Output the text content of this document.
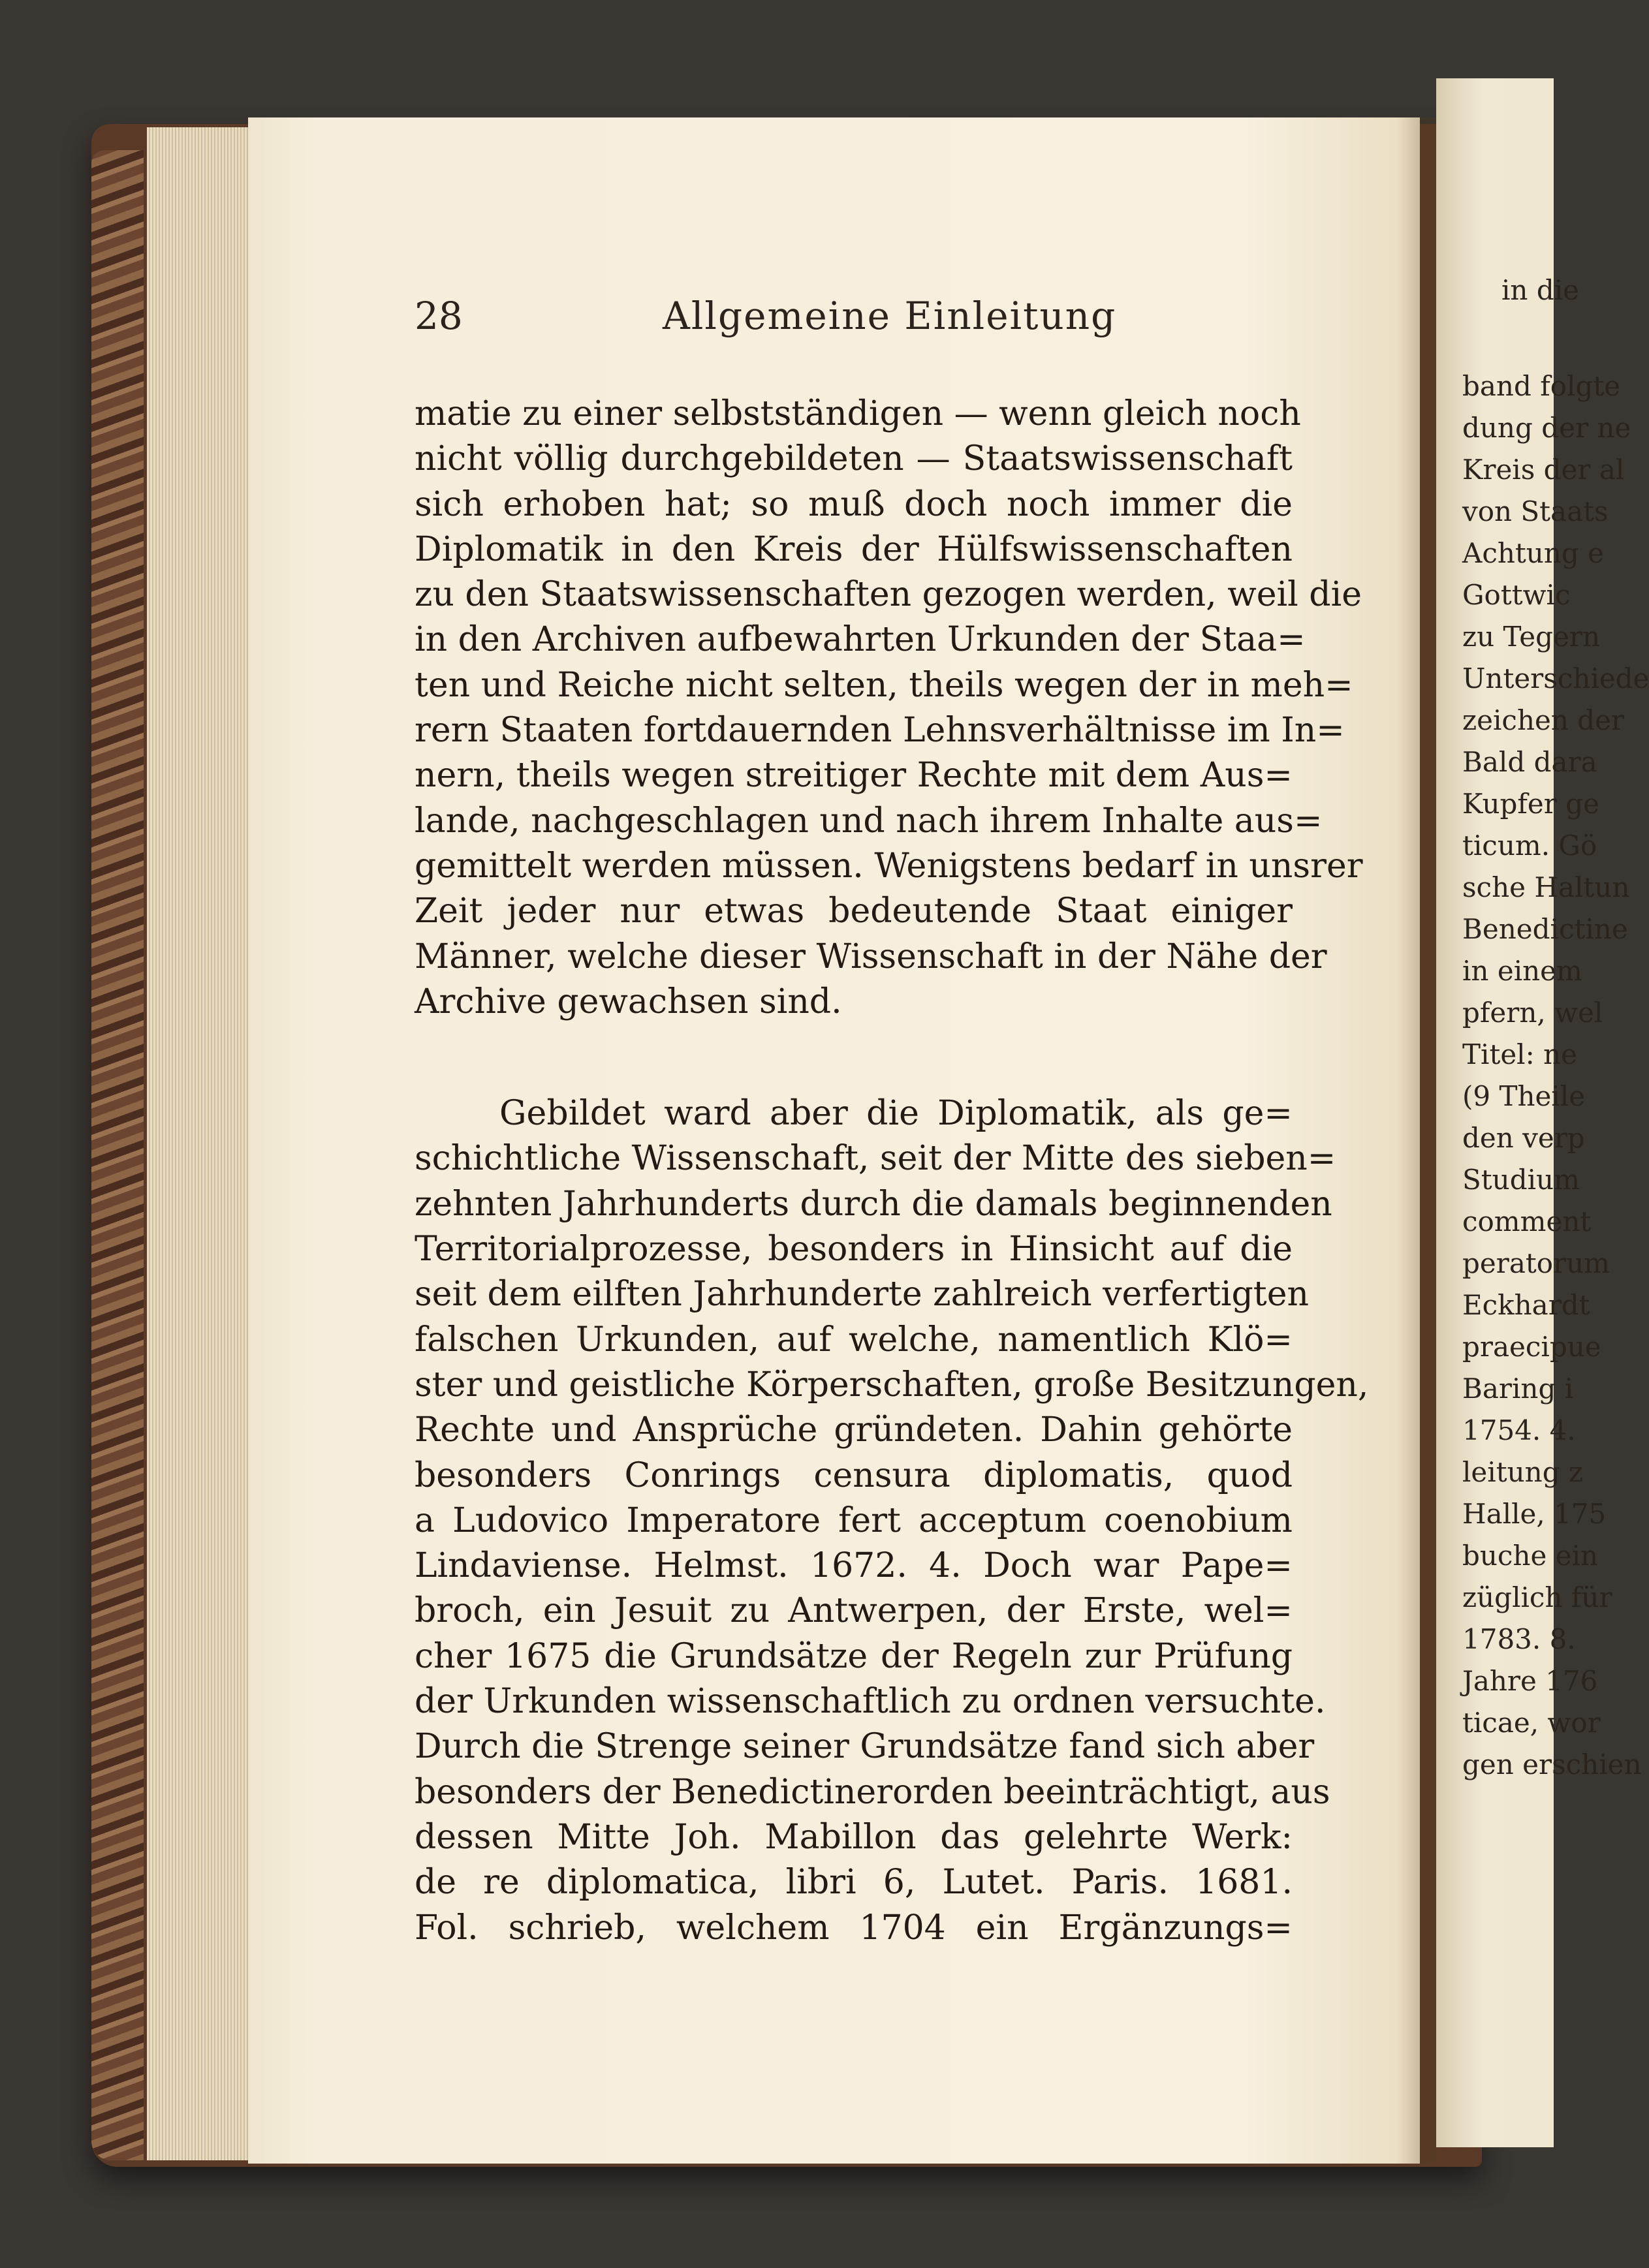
28	Allgemeine Einleitung
matie zu einer selbstständigen — wenn gleich noch
nicht völlig durchgebildeten — Staatswissenschaft
sich erhoben hat; so muß doch noch immer die
Diplomatik in den Kreis der Hülfswissenschaften
zu den Staatswissenschaften gezogen werden, weil die
in den Archiven aufbewahrten Urkunden der Staa=
ten und Reiche nicht selten, theils wegen der in meh=
rern Staaten fortdauernden Lehnsverhältnisse im In=
nern, theils wegen streitiger Rechte mit dem Aus=
lande, nachgeschlagen und nach ihrem Inhalte aus=
gemittelt werden müssen. Wenigstens bedarf in unsrer
Zeit jeder nur etwas bedeutende Staat einiger
Männer, welche dieser Wissenschaft in der Nähe der
Archive gewachsen sind.
Gebildet ward aber die Diplomatik, als ge=
schichtliche Wissenschaft, seit der Mitte des sieben=
zehnten Jahrhunderts durch die damals beginnenden
Territorialprozesse, besonders in Hinsicht auf die
seit dem eilften Jahrhunderte zahlreich verfertigten
falschen Urkunden, auf welche, namentlich Klö=
ster und geistliche Körperschaften, große Besitzungen,
Rechte und Ansprüche gründeten. Dahin gehörte
besonders Conrings censura diplomatis, quod
a Ludovico Imperatore fert acceptum coenobium
Lindaviense. Helmst. 1672. 4. Doch war Pape=
broch, ein Jesuit zu Antwerpen, der Erste, wel=
cher 1675 die Grundsätze der Regeln zur Prüfung
der Urkunden wissenschaftlich zu ordnen versuchte.
Durch die Strenge seiner Grundsätze fand sich aber
besonders der Benedictinerorden beeinträchtigt, aus
dessen Mitte Joh. Mabillon das gelehrte Werk:
de re diplomatica, libri 6, Lutet. Paris. 1681.
Fol. schrieb, welchem 1704 ein Ergänzungs=
in die
band folgte
dung der ne
Kreis der al
von Staats
Achtung e
Gottwic
zu Tegern
Unterschiede
zeichen der
Bald dara
Kupfer ge
ticum. Gö
sche Haltun
Benedictine
in einem
pfern, wel
Titel: ne
(9 Theile
den verp
Studium
comment
peratorum
Eckhardt
praecipue
Baring i
1754. 4.
leitung z
Halle, 175
buche ein
züglich für
1783. 8.
Jahre 176
ticae, wor
gen erschien
